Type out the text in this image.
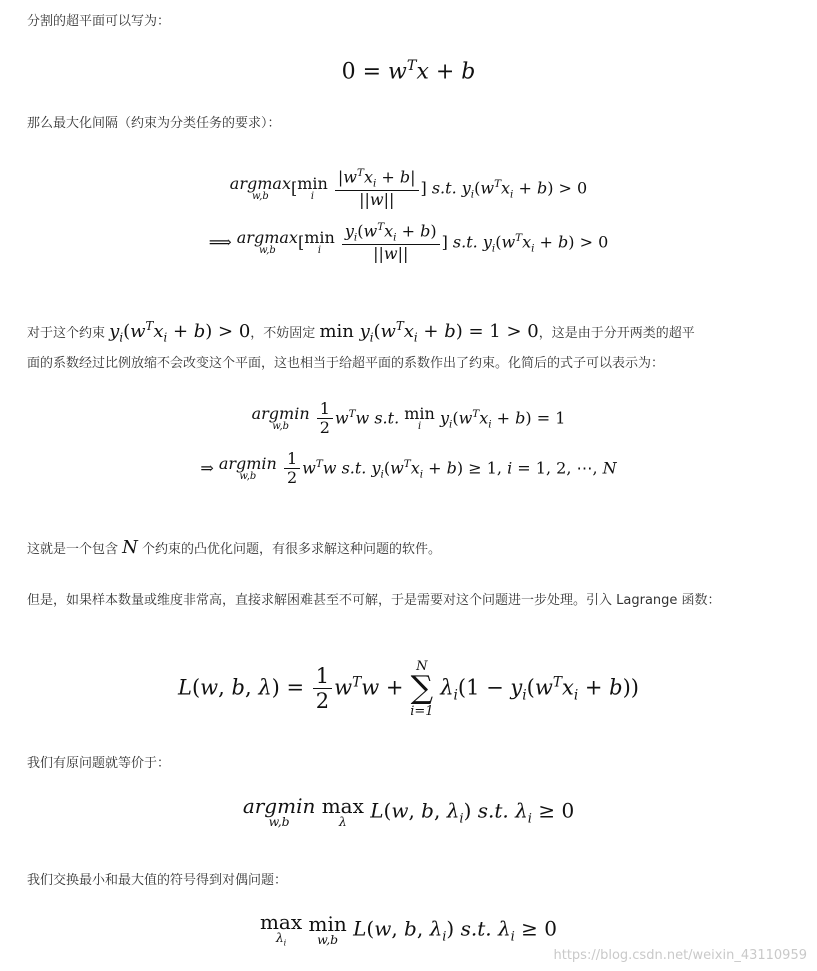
分割的超平面可以写为：
$0 = w^Tx + b$
那么最大化间隔（约束为分类任务的要求）：
argmax
w,b	[ min
i
	$\frac{|w^Tx_i + b|}{||w||}$ ] s.t. $y_i(w^Tx_i + b) > 0$
⟹ argmax
w,b	[ min
i
	$\frac{y_i(w^Tx_i + b)}{||w||}$ ] s.t. $y_i(w^Tx_i + b) > 0$
对于这个约束 $y_i(w^Tx_i + b) > 0$，不妨固定 $\min y_i(w^Tx_i + b) = 1 > 0$，这是由于分开两类的超平
面的系数经过比例放缩不会改变这个平面，这也相当于给超平面的系数作出了约束。化简后的式子可以表示为：
argmin
w,b
	$\frac{1}{2} w^Tw$ s.t. min
i	$y_i(w^Tx_i + b) = 1$
⇒ argmin
w,b
	$\frac{1}{2} w^Tw$ s.t. $y_i(w^Tx_i + b) \ge 1$, i = 1, 2, ⋯, N
这就是一个包含 N 个约束的凸优化问题，有很多求解这种问题的软件。
但是，如果样本数量或维度非常高，直接求解困难甚至不可解，于是需要对这个问题进一步处理。引入 Lagrange 函数：
L(w, b, $\lambda) = \frac{1}{2} w^Tw$ +
N
∑
i=1
$\lambda_i(1 - y_i(w^Tx_i + b))$
我们有原问题就等价于：
argmin
w,b

max
λ	L(w, b, $\lambda_i$) s.t. $\lambda_i \ge 0$
我们交换最小和最大值的符号得到对偶问题：
max
$\lambda_i$

min
w,b L(w, b, $\lambda_i$) s.t. $\lambda_i \ge 0$
https://blog.csdn.net/weixin_43110959
